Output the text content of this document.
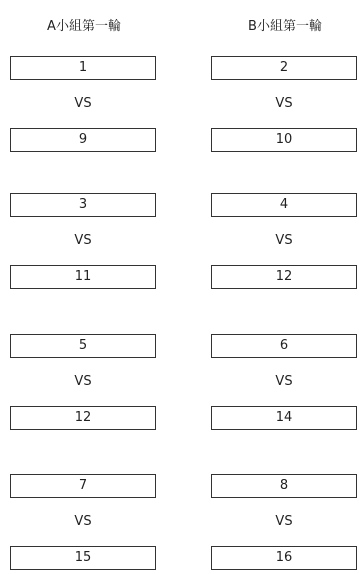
A小組第一輪
1
VS
9
3
VS
11
5
VS
12
7
VS
15
B小組第一輪
2
VS
10
4
VS
12
6
VS
14
8
VS
16
